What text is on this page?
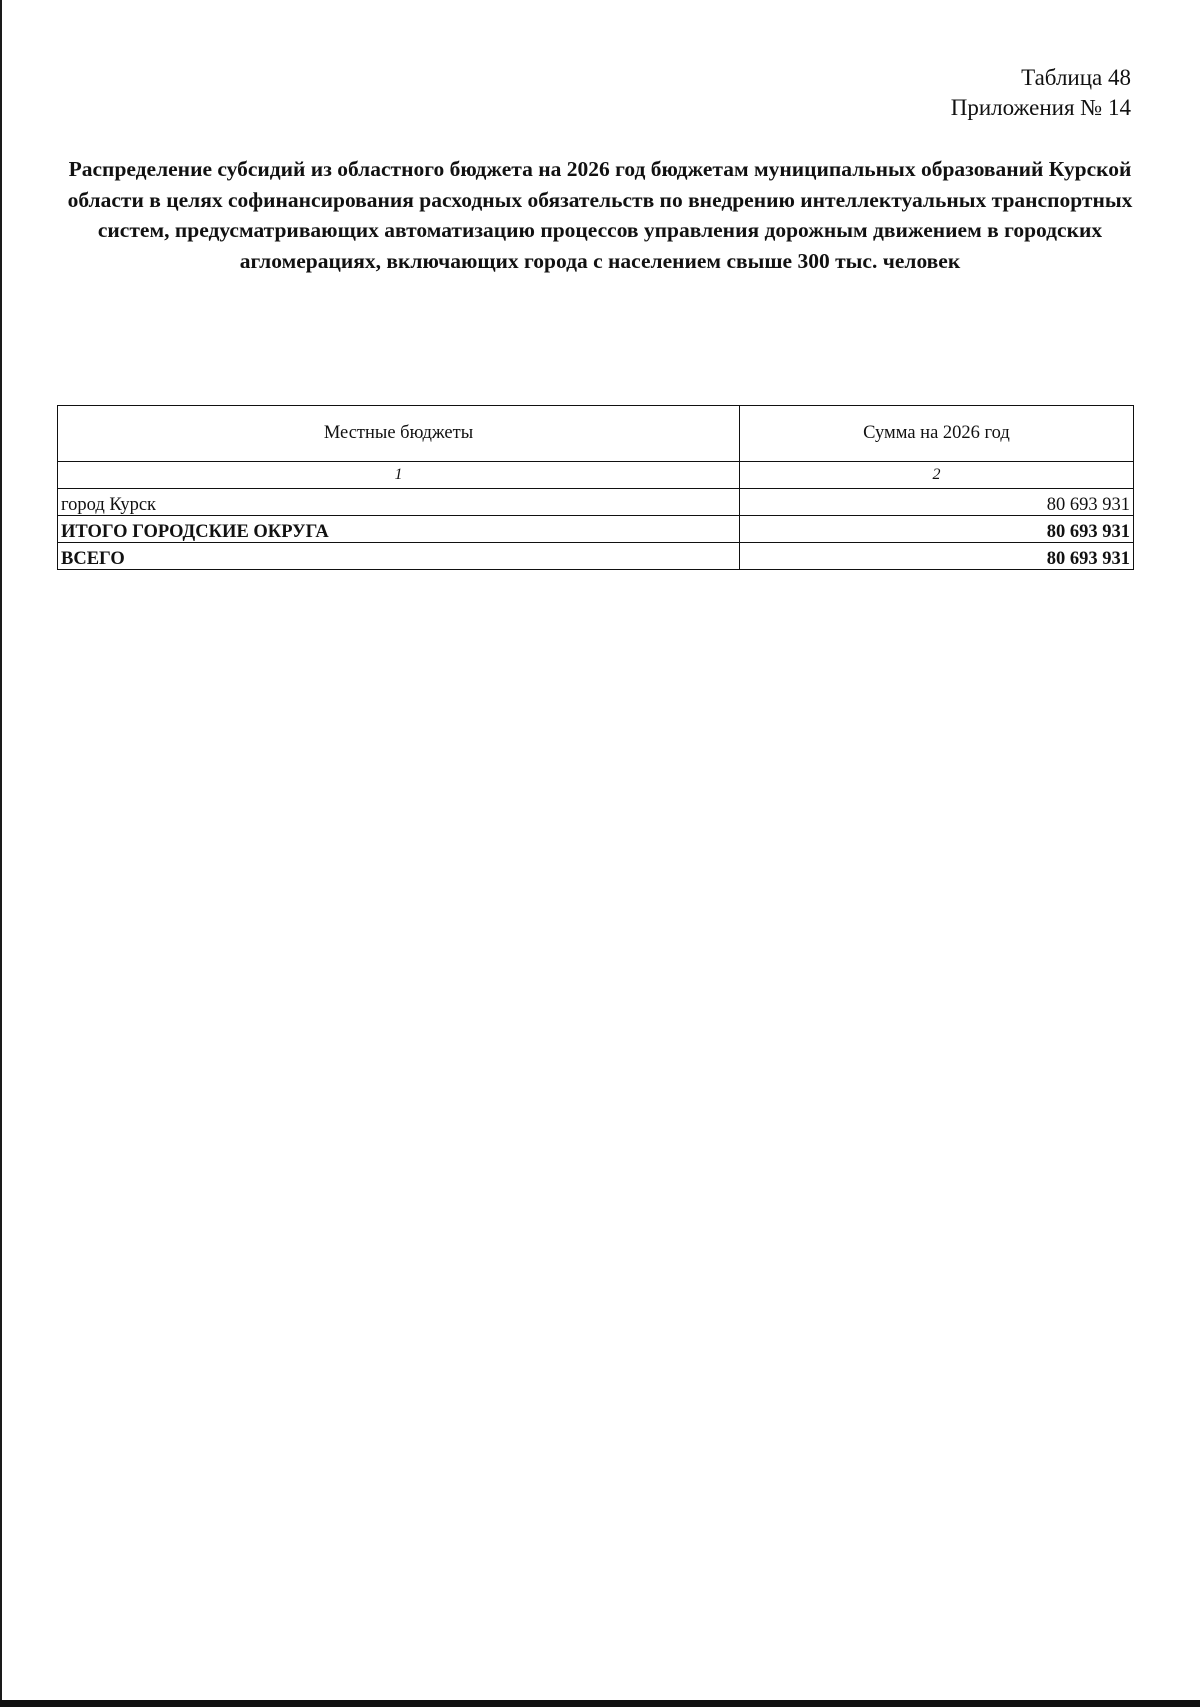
Таблица 48
Приложения № 14

Распределение субсидий из областного бюджета на 2026 год бюджетам муниципальных образований Курской области в целях софинансирования расходных обязательств по внедрению интеллектуальных транспортных систем, предусматривающих автоматизацию процессов управления дорожным движением в городских агломерациях, включающих города с населением свыше 300 тыс. человек

Местные бюджеты	Сумма на 2026 год
1	2
город Курск	80 693 931
ИТОГО ГОРОДСКИЕ ОКРУГА	80 693 931
ВСЕГО	80 693 931
